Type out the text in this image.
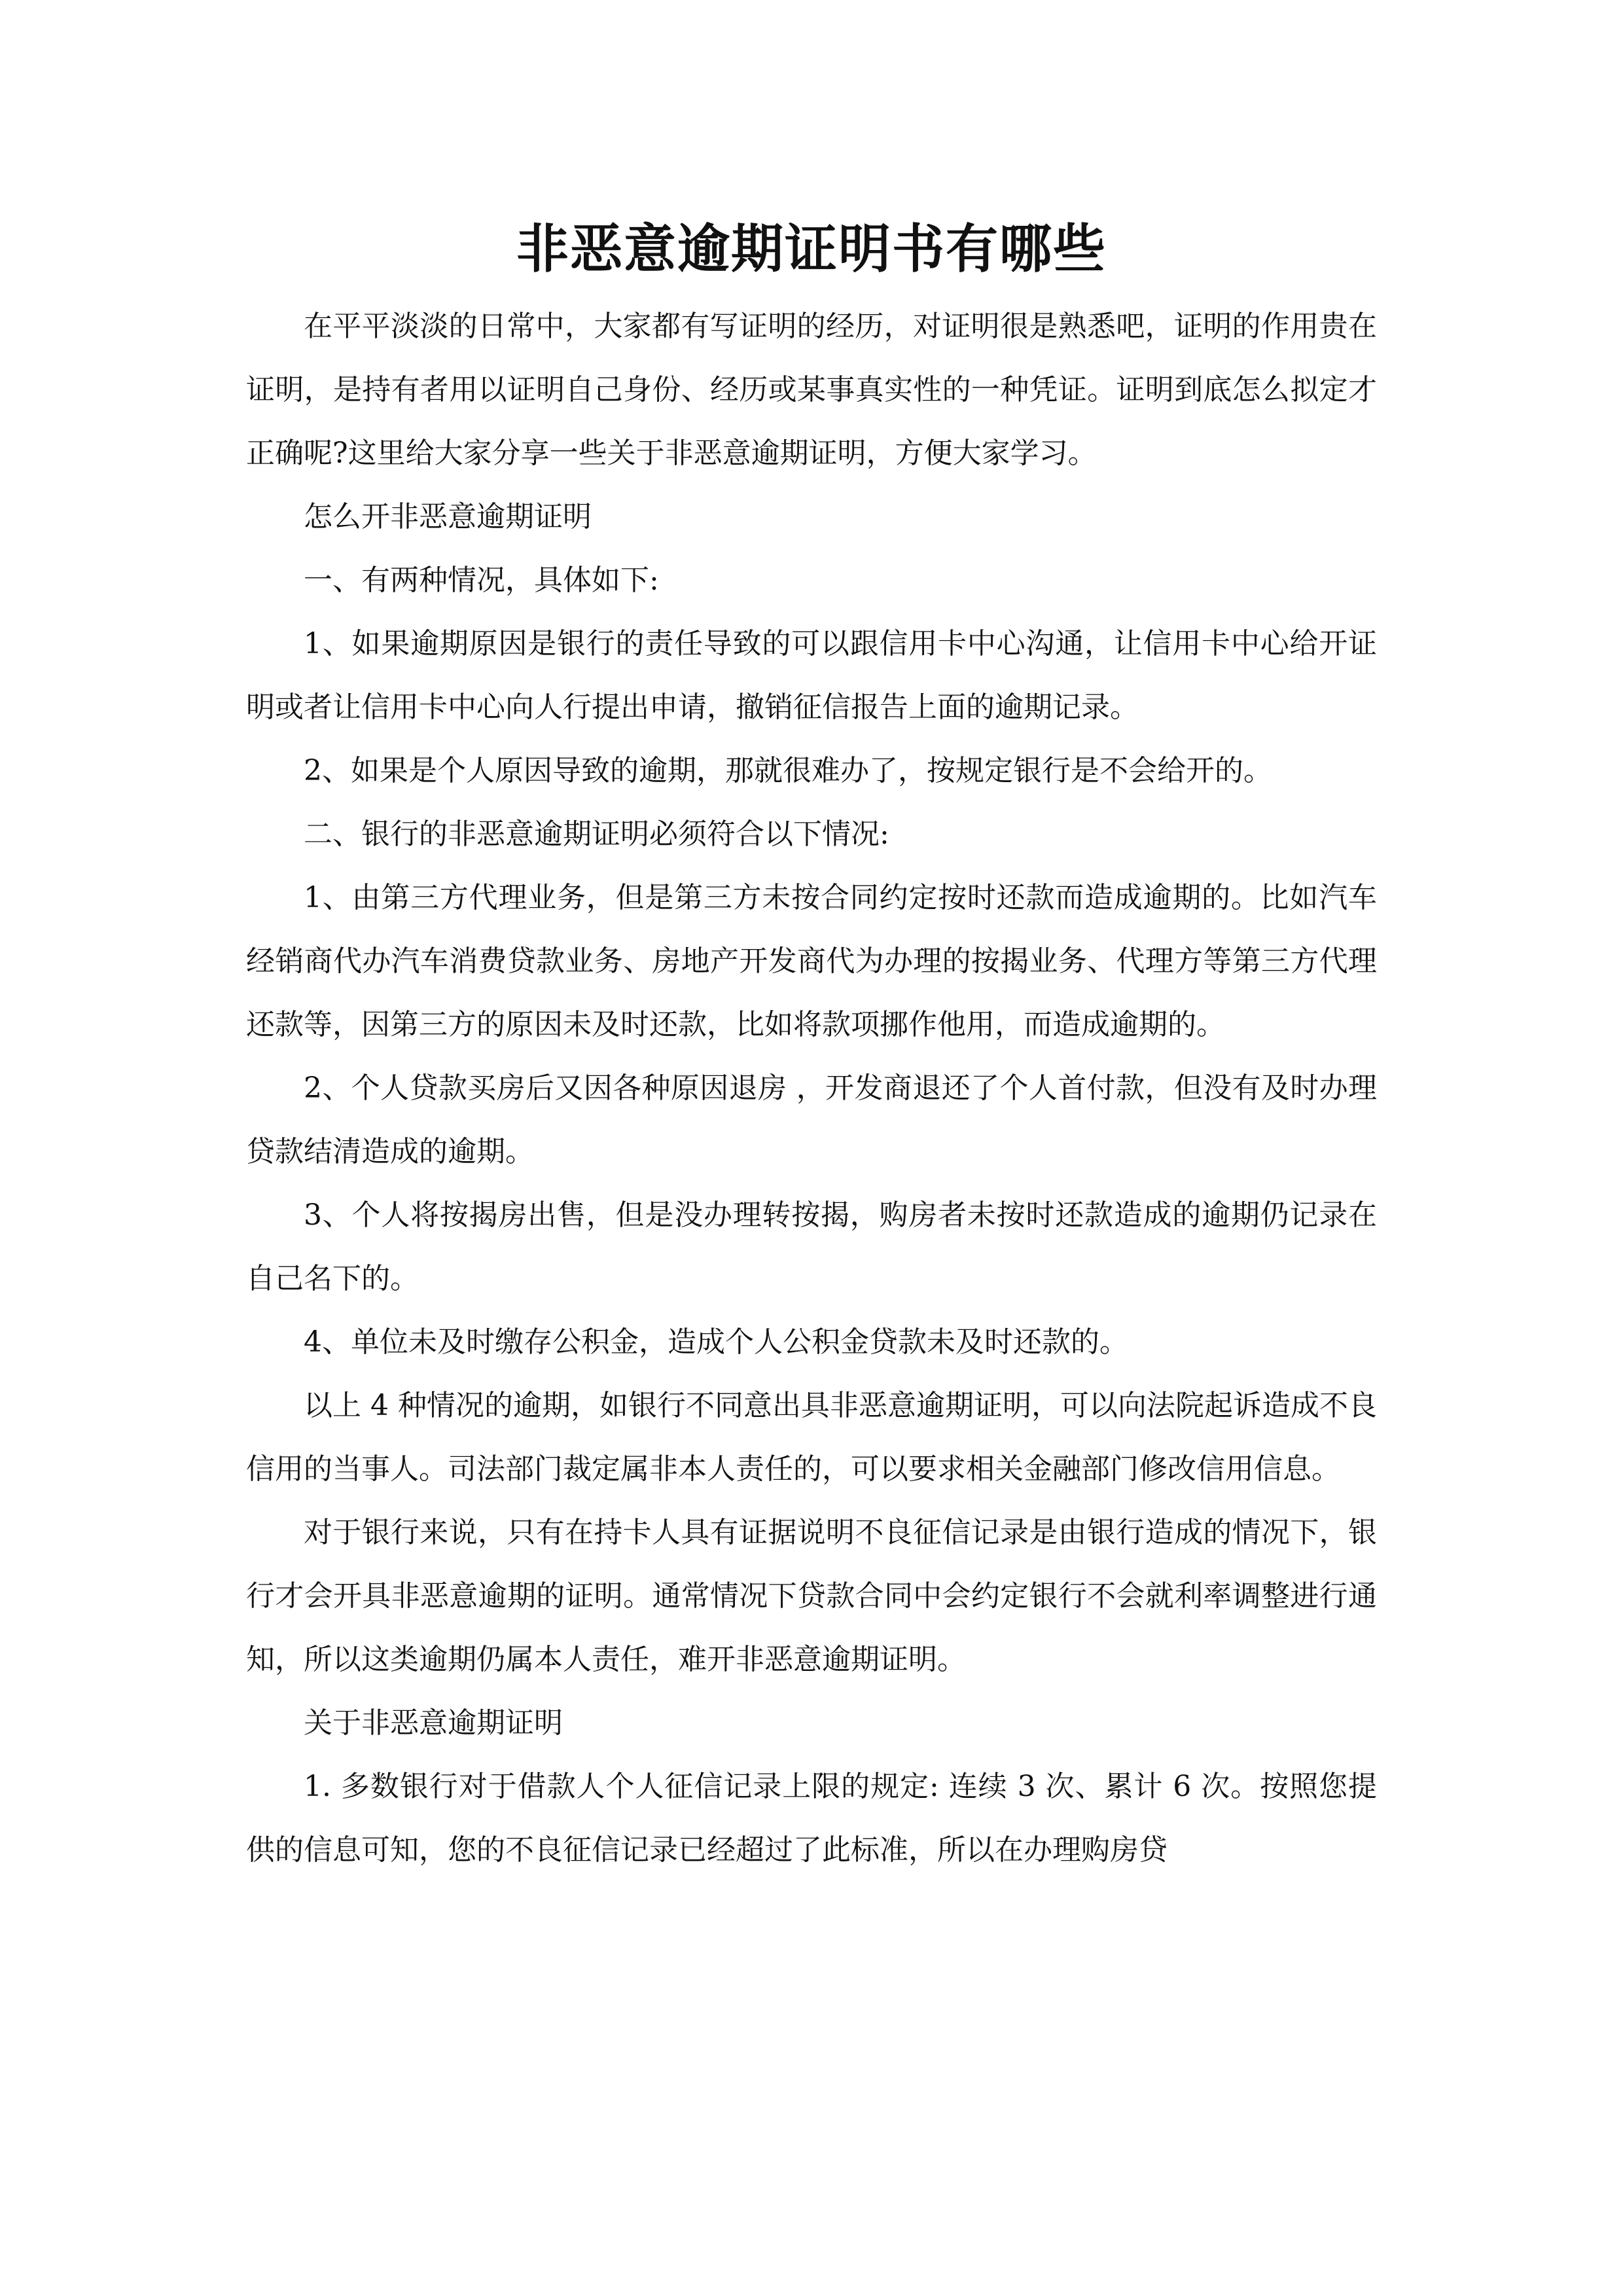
非恶意逾期证明书有哪些

在平平淡淡的日常中，大家都有写证明的经历，对证明很是熟悉吧，证明的作用贵在证明，是持有者用以证明自己身份、经历或某事真实性的一种凭证。证明到底怎么拟定才正确呢?这里给大家分享一些关于非恶意逾期证明，方便大家学习。

怎么开非恶意逾期证明

一、有两种情况，具体如下:

1、如果逾期原因是银行的责任导致的可以跟信用卡中心沟通，让信用卡中心给开证明或者让信用卡中心向人行提出申请，撤销征信报告上面的逾期记录。

2、如果是个人原因导致的逾期，那就很难办了，按规定银行是不会给开的。

二、银行的非恶意逾期证明必须符合以下情况:

1、由第三方代理业务，但是第三方未按合同约定按时还款而造成逾期的。比如汽车经销商代办汽车消费贷款业务、房地产开发商代为办理的按揭业务、代理方等第三方代理还款等，因第三方的原因未及时还款，比如将款项挪作他用，而造成逾期的。

2、个人贷款买房后又因各种原因退房 ，开发商退还了个人首付款，但没有及时办理贷款结清造成的逾期。

3、个人将按揭房出售，但是没办理转按揭，购房者未按时还款造成的逾期仍记录在自己名下的。

4、单位未及时缴存公积金，造成个人公积金贷款未及时还款的。

以上 4 种情况的逾期，如银行不同意出具非恶意逾期证明，可以向法院起诉造成不良信用的当事人。司法部门裁定属非本人责任的，可以要求相关金融部门修改信用信息。

对于银行来说，只有在持卡人具有证据说明不良征信记录是由银行造成的情况下，银行才会开具非恶意逾期的证明。通常情况下贷款合同中会约定银行不会就利率调整进行通知，所以这类逾期仍属本人责任，难开非恶意逾期证明。

关于非恶意逾期证明

1. 多数银行对于借款人个人征信记录上限的规定: 连续 3 次、累计 6 次。按照您提供的信息可知，您的不良征信记录已经超过了此标准，所以在办理购房贷
